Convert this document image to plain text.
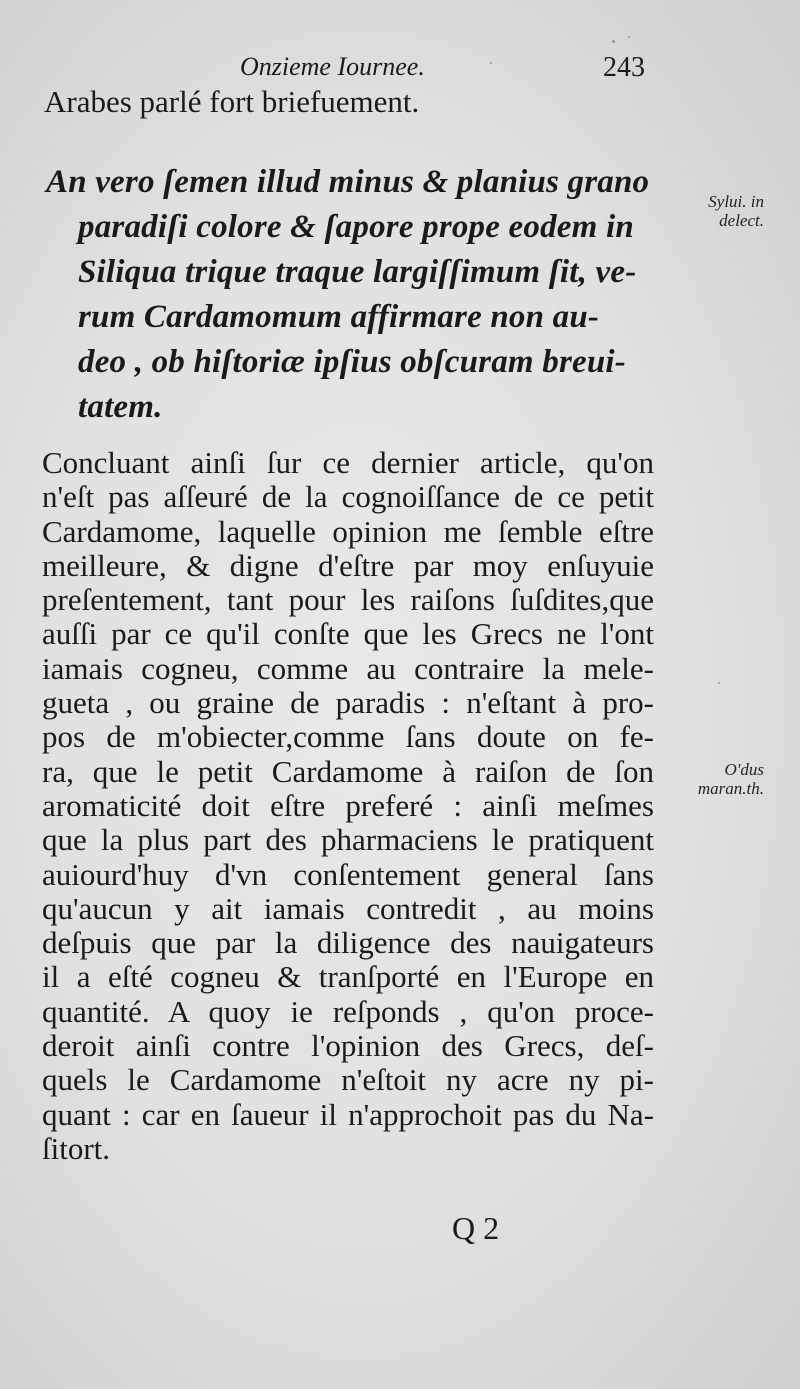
Onzieme Iournee.	243
Arabes parlé fort briefuement.
An vero ſemen illud minus & planius grano
paradiſi colore & ſapore prope eodem in
Siliqua trique traque largiſſimum ſit, ve-
rum Cardamomum affirmare non au-
deo , ob hiſtoriæ ipſius obſcuram breui-
tatem.
Sylui. in
delect.
O'dus
maran.th.
Concluant ainſi ſur ce dernier article, qu'on
n'eſt pas aſſeuré de la cognoiſſance de ce petit
Cardamome, laquelle opinion me ſemble eſtre
meilleure, & digne d'eſtre par moy enſuyuie
preſentement, tant pour les raiſons ſuſdites,que
auſſi par ce qu'il conſte que les Grecs ne l'ont
iamais cogneu, comme au contraire la mele-
gueta , ou graine de paradis : n'eſtant à pro-
pos de m'obiecter,comme ſans doute on fe-
ra, que le petit Cardamome à raiſon de ſon
aromaticité doit eſtre preferé : ainſi meſmes
que la plus part des pharmaciens le pratiquent
auiourd'huy d'vn conſentement general ſans
qu'aucun y ait iamais contredit , au moins
deſpuis que par la diligence des nauigateurs
il a eſté cogneu & tranſporté en l'Europe en
quantité. A quoy ie reſponds , qu'on proce-
deroit ainſi contre l'opinion des Grecs, deſ-
quels le Cardamome n'eſtoit ny acre ny pi-
quant : car en ſaueur il n'approchoit pas du Na-
ſitort.
Q 2
